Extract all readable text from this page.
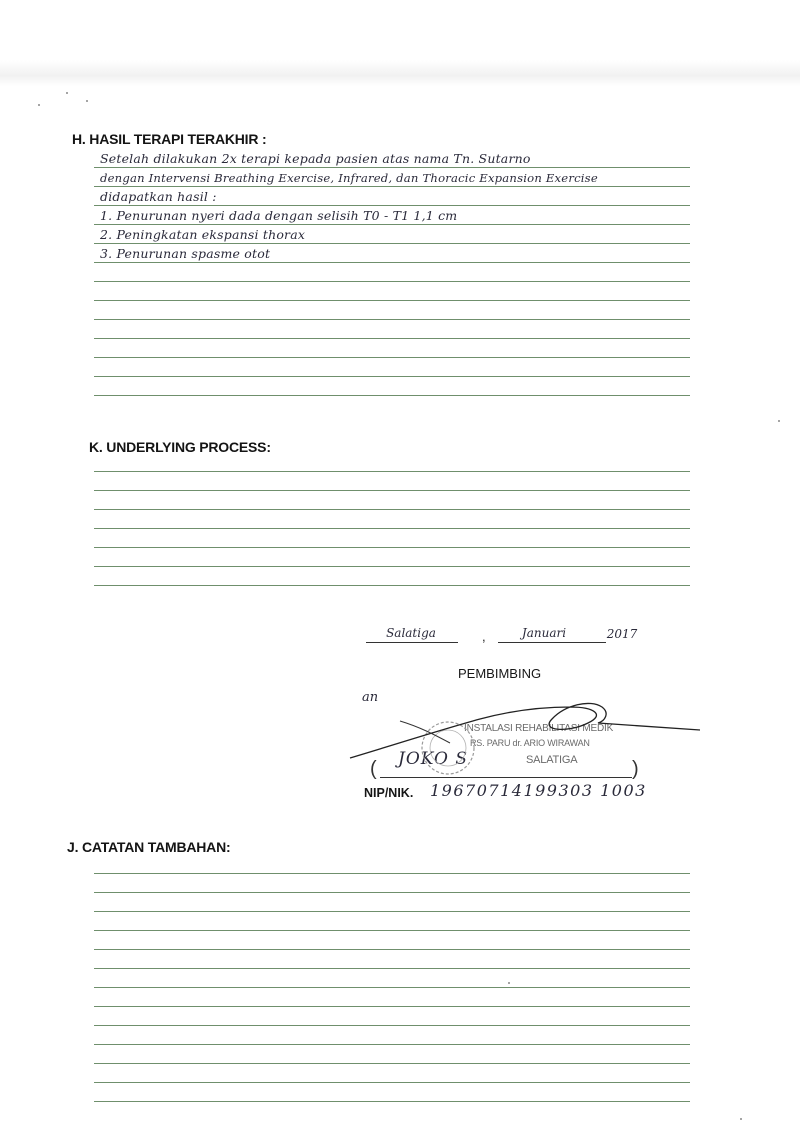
H. HASIL TERAPI TERAKHIR :
Setelah dilakukan 2x terapi kepada pasien atas nama Tn. Sutarno
dengan Intervensi Breathing Exercise, Infrared, dan Thoracic Expansion Exercise
didapatkan hasil :
1. Penurunan nyeri dada dengan selisih T0 - T1 1,1 cm
2. Peningkatan ekspansi thorax
3. Penurunan spasme otot
K. UNDERLYING PROCESS:
Salatiga	,	Januari	2017
PEMBIMBING
an
INSTALASI REHABILITASI MEDIK
RS. PARU dr. ARIO WIRAWAN
SALATIGA
JOKO S
(	)
NIP/NIK. 19670714199303 1003
J. CATATAN TAMBAHAN:
